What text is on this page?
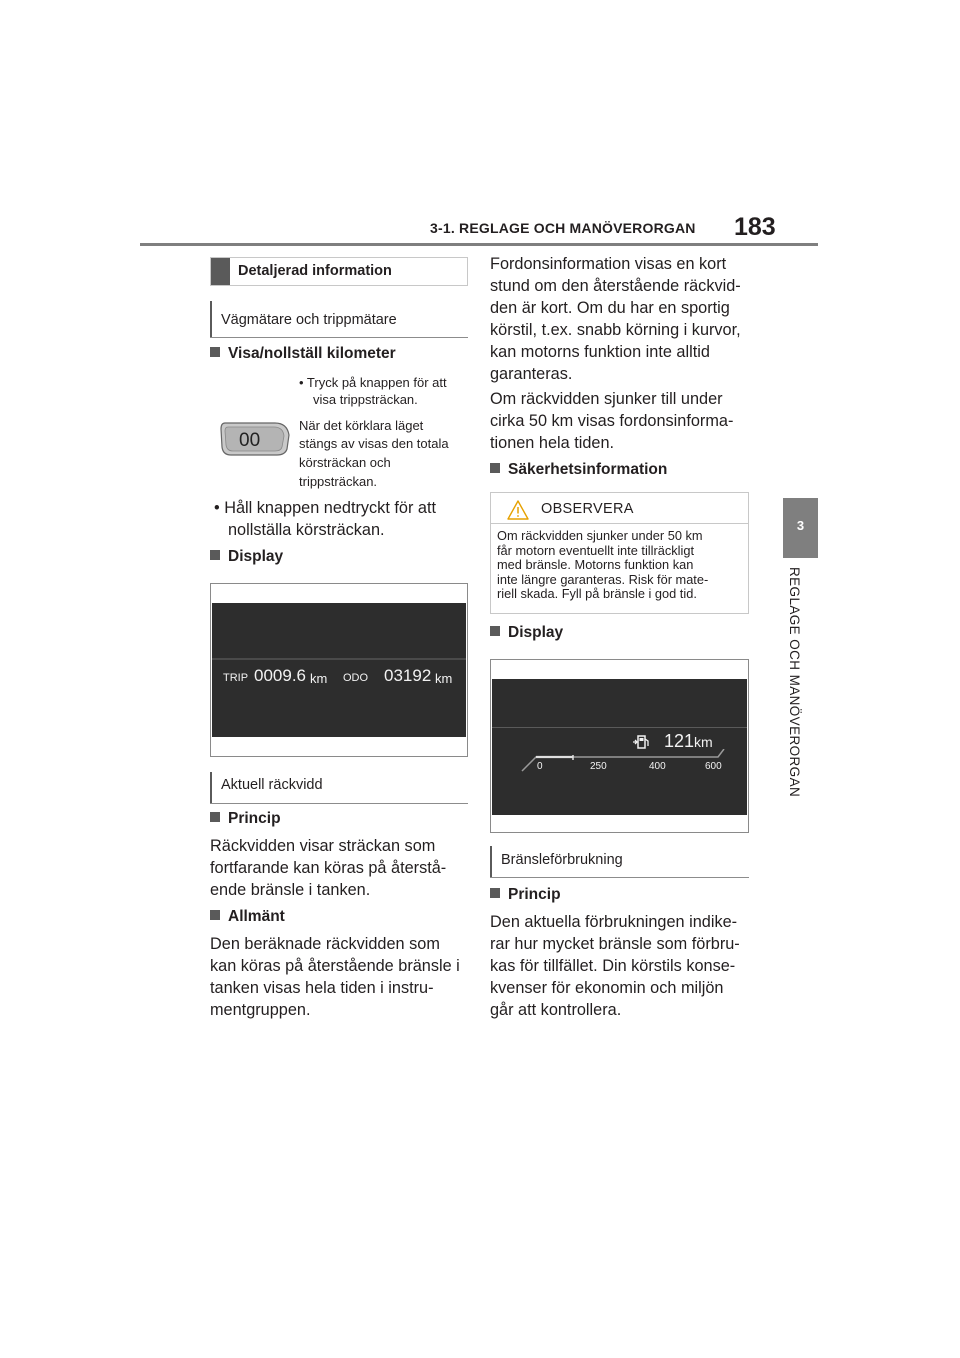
3-1. REGLAGE OCH MANÖVERORGAN 183
3
REGLAGE OCH MANÖVERORGAN
Detaljerad information
Vägmätare och trippmätare
Visa/nollställ kilometer
00
• Tryck på knappen för att
visa trippsträckan.
När det körklara läget
stängs av visas den totala
körsträckan och
trippsträckan.
• Håll knappen nedtryckt för att
nollställa körsträckan.
Display
TRIP 0009.6 km ODO 03192 km
Aktuell räckvidd
Princip
Räckvidden visar sträckan som
fortfarande kan köras på återstå-
ende bränsle i tanken.
Allmänt
Den beräknade räckvidden som
kan köras på återstående bränsle i
tanken visas hela tiden i instru-
mentgruppen.
Fordonsinformation visas en kort
stund om den återstående räckvid-
den är kort. Om du har en sportig
körstil, t.ex. snabb körning i kurvor,
kan motorns funktion inte alltid
garanteras.
Om räckvidden sjunker till under
cirka 50 km visas fordonsinforma-
tionen hela tiden.
Säkerhetsinformation
OBSERVERA
Om räckvidden sjunker under 50 km
får motorn eventuellt inte tillräckligt
med bränsle. Motorns funktion kan
inte längre garanteras. Risk för mate-
riell skada. Fyll på bränsle i god tid.
Display
121 km
0	250	400	600
Bränsleförbrukning
Princip
Den aktuella förbrukningen indike-
rar hur mycket bränsle som förbru-
kas för tillfället. Din körstils konse-
kvenser för ekonomin och miljön
går att kontrollera.
